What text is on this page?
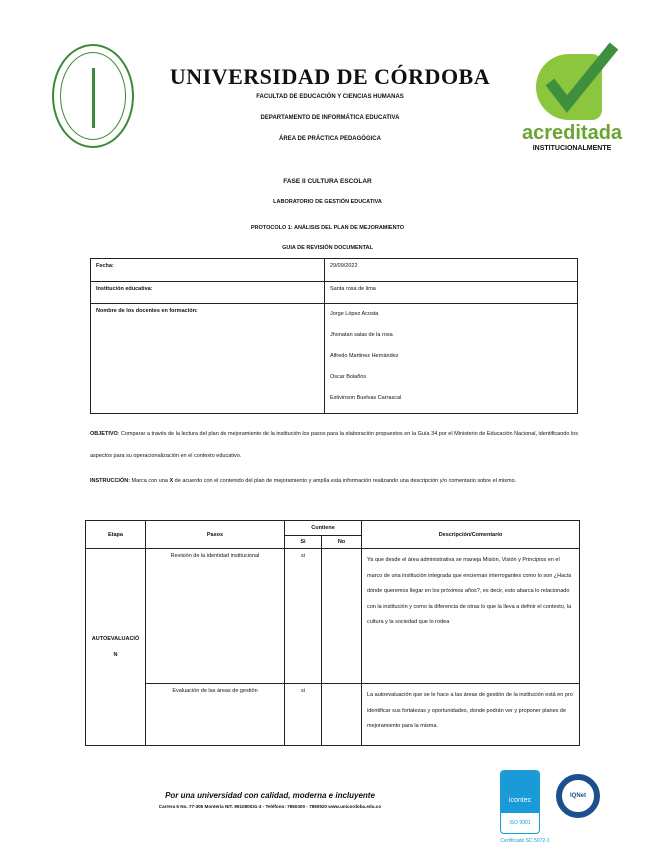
UNIVERSIDAD DE CÓRDOBA
FACULTAD DE EDUCACIÓN Y CIENCIAS HUMANAS
DEPARTAMENTO DE INFORMÁTICA EDUCATIVA
ÁREA DE PRÁCTICA PEDAGÓGICA	acreditada
INSTITUCIONALMENTE
FASE II CULTURA ESCOLAR
LABORATORIO DE GESTIÓN EDUCATIVA
PROTOCOLO 1: ANÁLISIS DEL PLAN DE MEJORAMIENTO
GUIA DE REVISIÓN DOCUMENTAL
Fecha:	29/09/2022
Institución educativa:	Santa rosa de lima
Nombre de los docentes en formación:	Jorge López Acosta
Jhonatan salas de la rosa
Alfredo Martinez Hernández
Oscar Bolaños
Estivinson Buelvas Carrascal
OBJETIVO: Comparar a través de la lectura del plan de mejoramiento de la institución los pasos para la elaboración propuestos en la Guía 34 por el Ministerio de Educación Nacional, identificando los aspectos para su operacionalización en el contexto educativo.
INSTRUCCIÓN: Marca con una X de acuerdo con el contenido del plan de mejoramiento y amplía esta información realizando una descripción y/o comentario sobre el mismo.
Etapa	Pasos	Contiene		Descripción/Comentario
		Si	No	
AUTOEVALUACIÓN	Revisión de la identidad institucional	si		Ya que desde el área administrativa se maneja Misión, Visión y Principios en el marco de una institución integrada que enciernan interrogantes como lo son ¿Hacia dónde queremos llegar en los próximos años?, es decir, esto abarca lo relacionado con la institución y como la diferencia de otras lo que la lleva a definir el contexto, la cultura y la sociedad que lo rodea
	Evaluación de las áreas de gestión	si		La autoevaluación que se le hace a las áreas de gestión de la institución está en pro identificar sus fortalezas y oportunidades, donde podrán ver y proponer planes de mejoramiento para la misma.
Por una universidad con calidad, moderna e incluyente
Carrera 6 No. 77-305 Montería NIT. 891080031-3 - Teléfono: 7860300 - 7860920 www.unicordoba.edu.co
icontec
ISO 9001
IQNet
Certificado SC 5072-1
